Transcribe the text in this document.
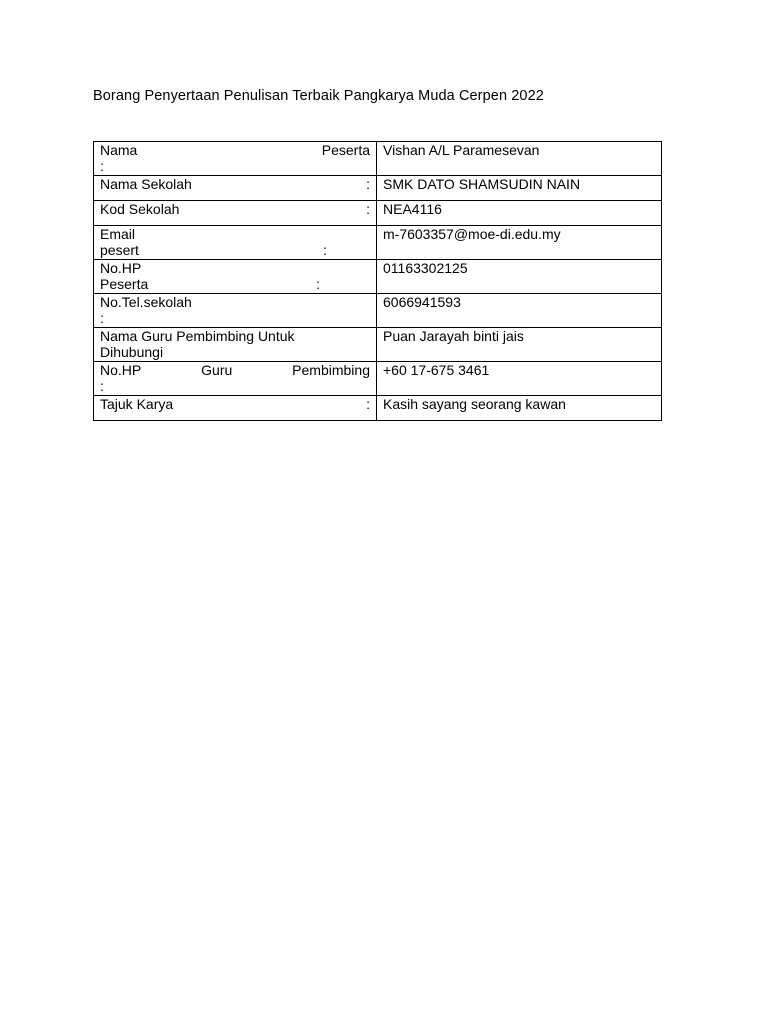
Borang Penyertaan Penulisan Terbaik Pangkarya Muda Cerpen 2022
Nama Peserta
:	Vishan A/L Paramesevan

Nama Sekolah :	SMK DATO SHAMSUDIN NAIN

Kod Sekolah :	NEA4116

Email
pesert :	m-7603357@moe-di.edu.my

No.HP
Peserta :	01163302125

No.Tel.sekolah
:	6066941593

Nama Guru Pembimbing Untuk
Dihubungi	Puan Jarayah binti jais

No.HP Guru Pembimbing
:	+60 17-675 3461

Tajuk Karya :	Kasih sayang seorang kawan
